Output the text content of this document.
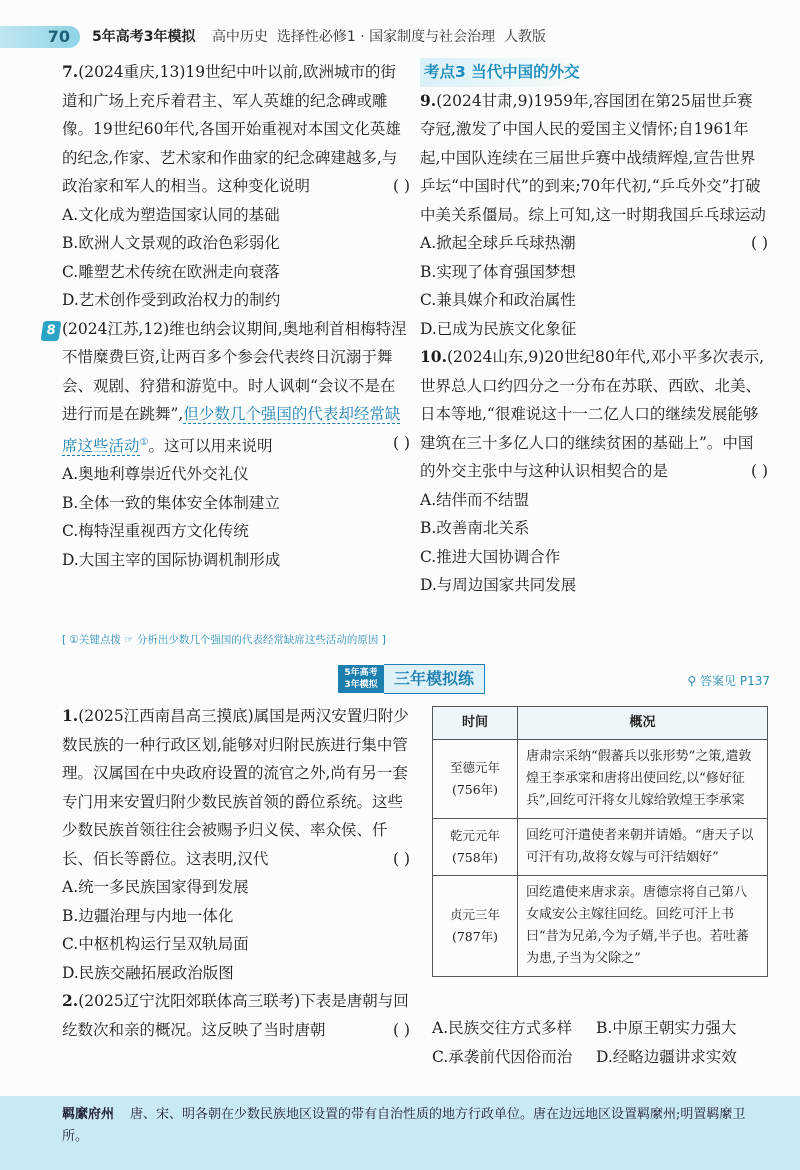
70	5年高考3年模拟 高中历史 选择性必修1 · 国家制度与社会治理 人教版
7.(2024重庆,13)19世纪中叶以前,欧洲城市的街道和广场上充斥着君主、军人英雄的纪念碑或雕像。19世纪60年代,各国开始重视对本国文化英雄的纪念,作家、艺术家和作曲家的纪念碑建越多,与政治家和军人的相当。这种变化说明	( )
A.文化成为塑造国家认同的基础
B.欧洲人文景观的政治色彩弱化
C.雕塑艺术传统在欧洲走向衰落
D.艺术创作受到政治权力的制约
8 (2024江苏,12)维也纳会议期间,奥地利首相梅特涅不惜糜费巨资,让两百多个参会代表终日沉溺于舞会、观剧、狩猎和游览中。时人讽刺“会议不是在进行而是在跳舞”,但少数几个强国的代表却经常缺席这些活动①。这可以用来说明	( )
A.奥地利尊崇近代外交礼仪
B.全体一致的集体安全体制建立
C.梅特涅重视西方文化传统
D.大国主宰的国际协调机制形成
[ ①关键点拨 ☞ 分析出少数几个强国的代表经常缺席这些活动的原因 ]
考点3 当代中国的外交
9.(2024甘肃,9)1959年,容国团在第25届世乒赛夺冠,激发了中国人民的爱国主义情怀;自1961年起,中国队连续在三届世乒赛中战绩辉煌,宣告世界乒坛“中国时代”的到来;70年代初,“乒乓外交”打破中美关系僵局。综上可知,这一时期我国乒乓球运动
( )
A.掀起全球乒乓球热潮
B.实现了体育强国梦想
C.兼具媒介和政治属性
D.已成为民族文化象征
10.(2024山东,9)20世纪80年代,邓小平多次表示,世界总人口约四分之一分布在苏联、西欧、北美、日本等地,“很难说这十一二亿人口的继续发展能够建筑在三十多亿人口的继续贫困的基础上”。中国的外交主张中与这种认识相契合的是	( )
A.结伴而不结盟
B.改善南北关系
C.推进大国协调合作
D.与周边国家共同发展
5年高考
3年模拟	三年模拟练	⚲ 答案见 P137
1.(2025江西南昌高三摸底)属国是两汉安置归附少数民族的一种行政区划,能够对归附民族进行集中管理。汉属国在中央政府设置的流官之外,尚有另一套专门用来安置归附少数民族首领的爵位系统。这些少数民族首领往往会被赐予归义侯、率众侯、仟长、佰长等爵位。这表明,汉代	( )
A.统一多民族国家得到发展
B.边疆治理与内地一体化
C.中枢机构运行呈双轨局面
D.民族交融拓展政治版图
2.(2025辽宁沈阳郊联体高三联考)下表是唐朝与回纥数次和亲的概况。这反映了当时唐朝	( )
时间	概况
至德元年
(756年)	唐肃宗采纳“假蕃兵以张形势”之策,遣敦煌王李承寀和唐将出使回纥,以“修好征兵”,回纥可汗将女儿嫁给敦煌王李承寀
乾元元年
(758年)	回纥可汗遣使者来朝并请婚。“唐天子以可汗有功,故将女嫁与可汗结姻好”
贞元三年
(787年)	回纥遣使来唐求亲。唐德宗将自己第八女咸安公主嫁往回纥。回纥可汗上书曰“昔为兄弟,今为子婿,半子也。若吐蕃为患,子当为父除之”
A.民族交往方式多样 B.中原王朝实力强大
C.承袭前代因俗而治 D.经略边疆讲求实效
羁縻府州 唐、宋、明各朝在少数民族地区设置的带有自治性质的地方行政单位。唐在边远地区设置羁縻州;明置羁縻卫所。
